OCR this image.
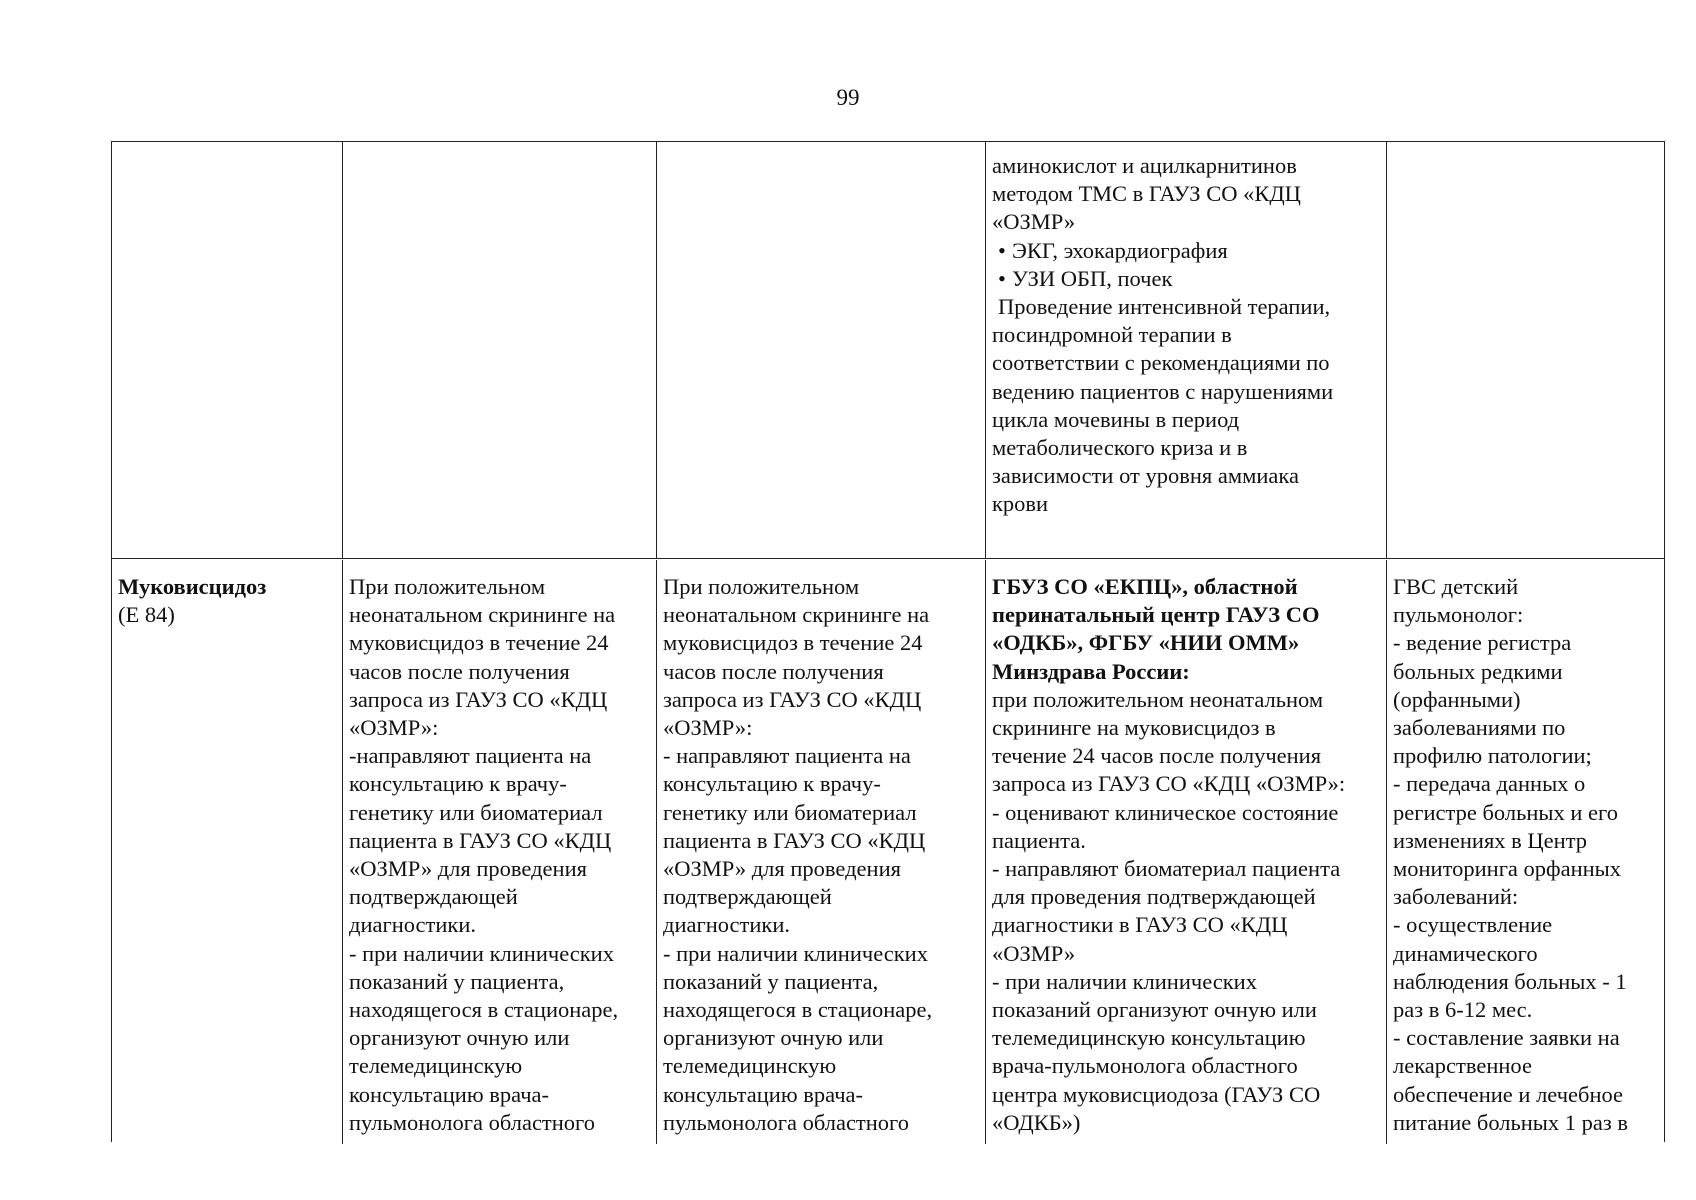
99
аминокислот и ацилкарнитинов
методом ТМС в ГАУЗ СО «КДЦ
«ОЗМР»
• ЭКГ, эхокардиография
• УЗИ ОБП, почек
Проведение интенсивной терапии,
посиндромной терапии в
соответствии с рекомендациями по
ведению пациентов с нарушениями
цикла мочевины в период
метаболического криза и в
зависимости от уровня аммиака
крови
Муковисцидоз
(Е 84)
При положительном
неонатальном скрининге на
муковисцидоз в течение 24
часов после получения
запроса из ГАУЗ СО «КДЦ
«ОЗМР»:
-направляют пациента на
консультацию к врачу-
генетику или биоматериал
пациента в ГАУЗ СО «КДЦ
«ОЗМР» для проведения
подтверждающей
диагностики.
- при наличии клинических
показаний у пациента,
находящегося в стационаре,
организуют очную или
телемедицинскую
консультацию врача-
пульмонолога областного
При положительном
неонатальном скрининге на
муковисцидоз в течение 24
часов после получения
запроса из ГАУЗ СО «КДЦ
«ОЗМР»:
- направляют пациента на
консультацию к врачу-
генетику или биоматериал
пациента в ГАУЗ СО «КДЦ
«ОЗМР» для проведения
подтверждающей
диагностики.
- при наличии клинических
показаний у пациента,
находящегося в стационаре,
организуют очную или
телемедицинскую
консультацию врача-
пульмонолога областного
ГБУЗ СО «ЕКПЦ», областной
перинатальный центр ГАУЗ СО
«ОДКБ», ФГБУ «НИИ ОММ»
Минздрава России:
при положительном неонатальном
скрининге на муковисцидоз в
течение 24 часов после получения
запроса из ГАУЗ СО «КДЦ «ОЗМР»:
- оценивают клиническое состояние
пациента.
- направляют биоматериал пациента
для проведения подтверждающей
диагностики в ГАУЗ СО «КДЦ
«ОЗМР»
- при наличии клинических
показаний организуют очную или
телемедицинскую консультацию
врача-пульмонолога областного
центра муковисциодоза (ГАУЗ СО
«ОДКБ»)
ГВС детский
пульмонолог:
- ведение регистра
больных редкими
(орфанными)
заболеваниями по
профилю патологии;
- передача данных о
регистре больных и его
изменениях в Центр
мониторинга орфанных
заболеваний:
- осуществление
динамического
наблюдения больных - 1
раз в 6-12 мес.
- составление заявки на
лекарственное
обеспечение и лечебное
питание больных 1 раз в
